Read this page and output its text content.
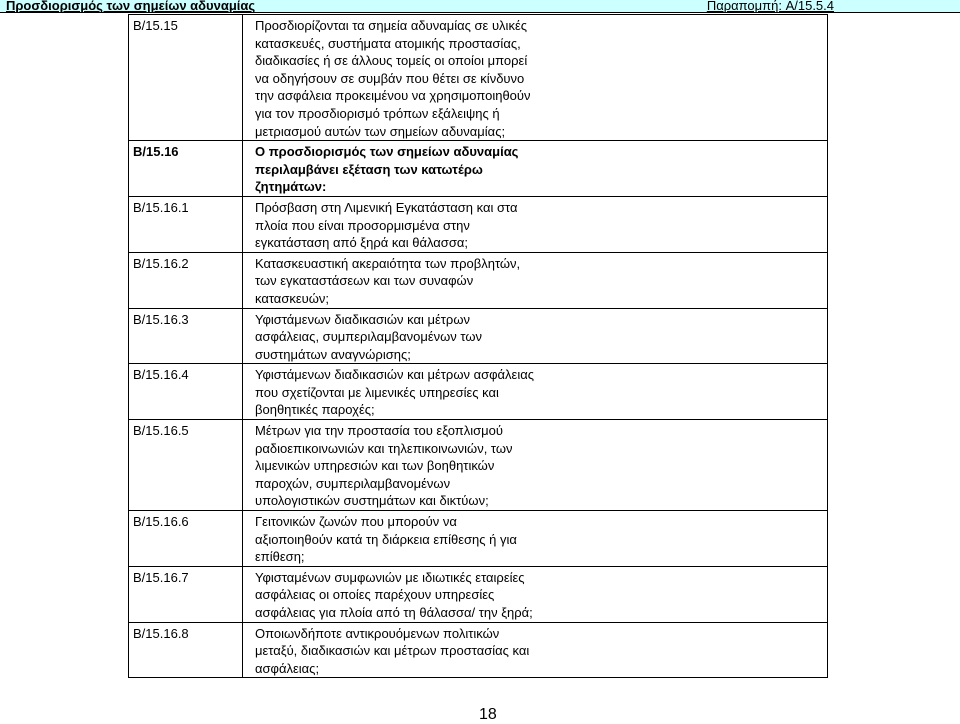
Προσδιορισμός των σημείων αδυναμίας	Παραπομπή: A/15.5.4
B/15.15	Προσδιορίζονται τα σημεία αδυναμίας σε υλικές κατασκευές, συστήματα ατομικής προστασίας, διαδικασίες ή σε άλλους τομείς οι οποίοι μπορεί να οδηγήσουν σε συμβάν που θέτει σε κίνδυνο την ασφάλεια προκειμένου να χρησιμοποιηθούν για τον προσδιορισμό τρόπων εξάλειψης ή μετριασμού αυτών των σημείων αδυναμίας;

B/15.16	Ο προσδιορισμός των σημείων αδυναμίας περιλαμβάνει εξέταση των κατωτέρω ζητημάτων:

B/15.16.1	Πρόσβαση στη Λιμενική Εγκατάσταση και στα πλοία που είναι προσορμισμένα στην εγκατάσταση από ξηρά και θάλασσα;

B/15.16.2	Κατασκευαστική ακεραιότητα των προβλητών, των εγκαταστάσεων και των συναφών κατασκευών;

B/15.16.3	Υφιστάμενων διαδικασιών και μέτρων ασφάλειας, συμπεριλαμβανομένων των συστημάτων αναγνώρισης;

B/15.16.4	Υφιστάμενων διαδικασιών και μέτρων ασφάλειας που σχετίζονται με λιμενικές υπηρεσίες και βοηθητικές παροχές;

B/15.16.5	Μέτρων για την προστασία του εξοπλισμού ραδιοεπικοινωνιών και τηλεπικοινωνιών, των λιμενικών υπηρεσιών και των βοηθητικών παροχών, συμπεριλαμβανομένων υπολογιστικών συστημάτων και δικτύων;

B/15.16.6	Γειτονικών ζωνών που μπορούν να αξιοποιηθούν κατά τη διάρκεια επίθεσης ή για επίθεση;

B/15.16.7	Υφισταμένων συμφωνιών με ιδιωτικές εταιρείες ασφάλειας οι οποίες παρέχουν υπηρεσίες ασφάλειας για πλοία από τη θάλασσα/ την ξηρά;

B/15.16.8	Οποιωνδήποτε αντικρουόμενων πολιτικών μεταξύ, διαδικασιών και μέτρων προστασίας και ασφάλειας;
18
